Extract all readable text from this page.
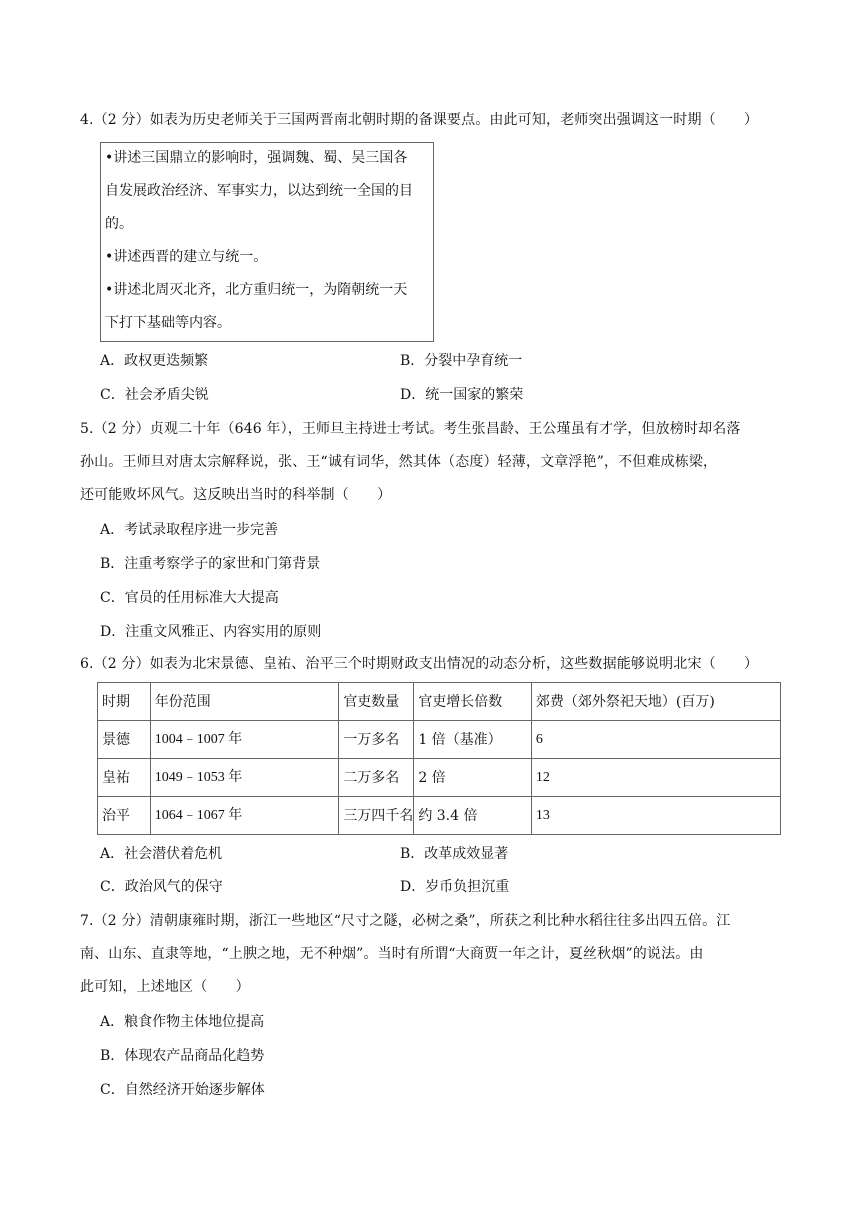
4.（2 分）如表为历史老师关于三国两晋南北朝时期的备课要点。由此可知，老师突出强调这一时期（　　）
•讲述三国鼎立的影响时，强调魏、蜀、吴三国各
自发展政治经济、军事实力，以达到统一全国的目
的。
•讲述西晋的建立与统一。
•讲述北周灭北齐，北方重归统一，为隋朝统一天
下打下基础等内容。
A．政权更迭频繁	B．分裂中孕育统一
C．社会矛盾尖锐	D．统一国家的繁荣
5.（2 分）贞观二十年（646 年），王师旦主持进士考试。考生张昌龄、王公瑾虽有才学，但放榜时却名落
孙山。王师旦对唐太宗解释说，张、王“诚有词华，然其体（态度）轻薄，文章浮艳”，不但难成栋梁，
还可能败坏风气。这反映出当时的科举制（　　）
A．考试录取程序进一步完善
B．注重考察学子的家世和门第背景
C．官员的任用标准大大提高
D．注重文风雅正、内容实用的原则
6.（2 分）如表为北宋景德、皇祐、治平三个时期财政支出情况的动态分析，这些数据能够说明北宋（　　）
时期	年份范围	官吏数量	官吏增长倍数	郊费（郊外祭祀天地）(百万)
景德	1004﹣1007 年	一万多名	1 倍（基准）	6
皇祐	1049﹣1053 年	二万多名	2 倍	12
治平	1064﹣1067 年	三万四千名	约 3.4 倍	13
A．社会潜伏着危机	B．改革成效显著
C．政治风气的保守	D．岁币负担沉重
7.（2 分）清朝康雍时期，浙江一些地区“尺寸之隧，必树之桑”，所获之利比种水稻往往多出四五倍。江
南、山东、直隶等地，“上腴之地，无不种烟”。当时有所谓“大商贾一年之计，夏丝秋烟”的说法。由
此可知，上述地区（　　）
A．粮食作物主体地位提高
B．体现农产品商品化趋势
C．自然经济开始逐步解体
